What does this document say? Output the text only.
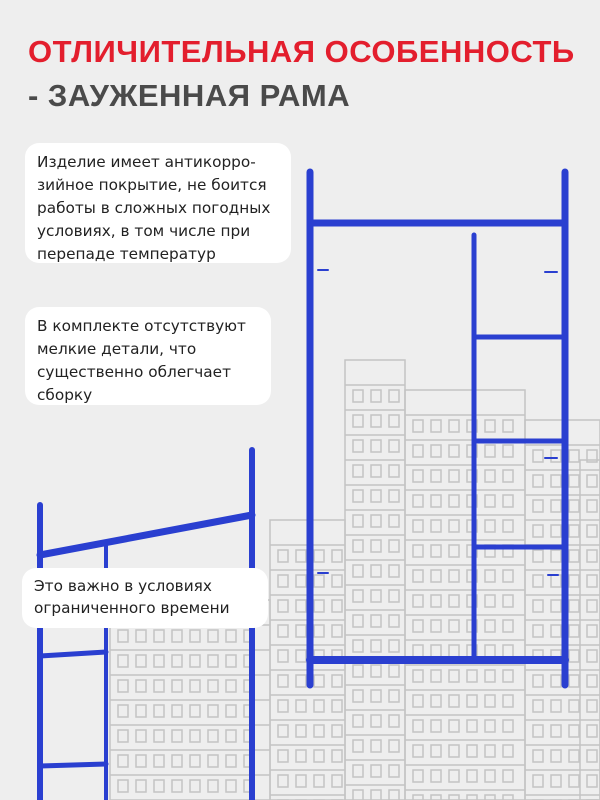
ОТЛИЧИТЕЛЬНАЯ ОСОБЕННОСТЬ
- ЗАУЖЕННАЯ РАМА
Изделие имеет антикорро-зийное покрытие, не боится работы в сложных погодных условиях, в том числе при перепаде температур
В комплекте отсутствуют мелкие детали, что существенно облегчает сборку
Это важно в условиях ограниченного времени
